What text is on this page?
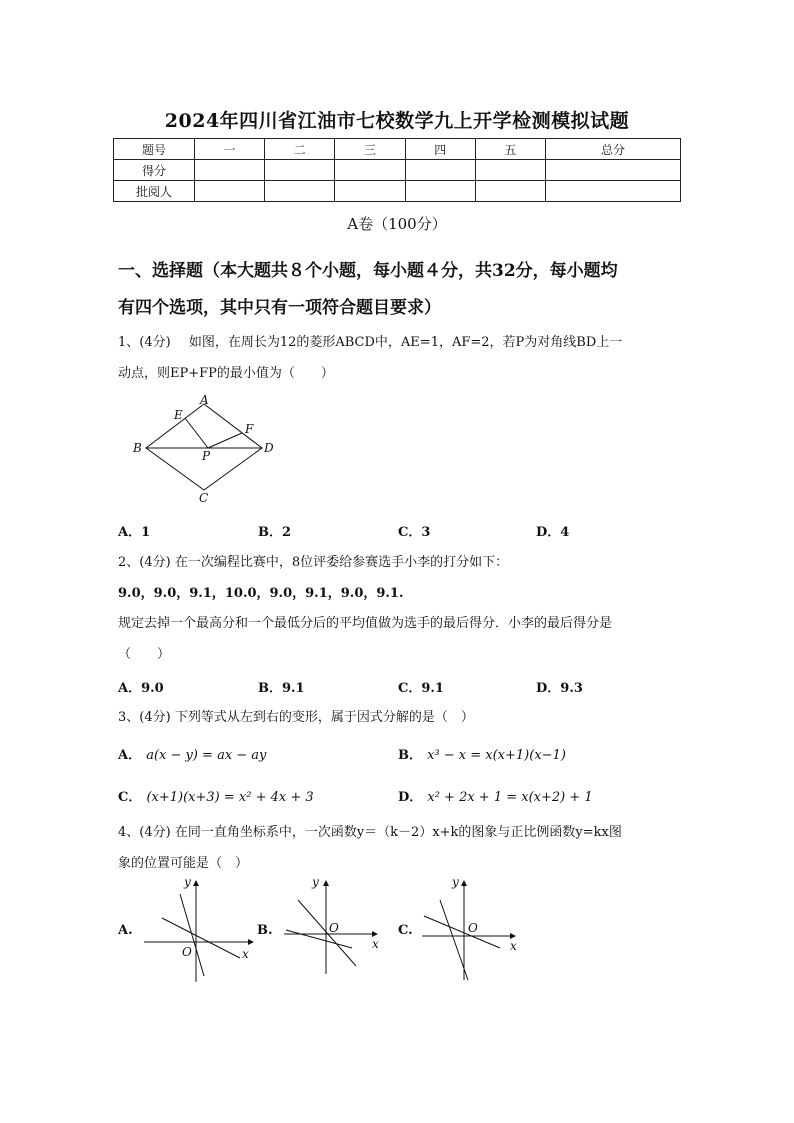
2024年四川省江油市七校数学九上开学检测模拟试题
题号	一	二	三	四	五	总分
得分						
批阅人						
A卷（100分）
一、选择题（本大题共８个小题，每小题４分，共32分，每小题均
有四个选项，其中只有一项符合题目要求）
1、(4分) 如图，在周长为12的菱形ABCD中，AE=1，AF=2，若P为对角线BD上一
动点，则EP+FP的最小值为（　　）
A
E
F
B
P
D
C
A．1	B．2	C．3	D．4
2、(4分) 在一次编程比赛中，8位评委给参赛选手小李的打分如下：
9.0，9.0，9.1，10.0，9.0，9.1，9.0，9.1.
规定去掉一个最高分和一个最低分后的平均值做为选手的最后得分．小李的最后得分是
（　　）
A．9.0	B．9.1	C．9.1	D．9.3
3、(4分) 下列等式从左到右的变形，属于因式分解的是（　）
A． a(x − y) = ax − ay	B． x³ − x = x(x+1)(x−1)
C． (x+1)(x+3) = x² + 4x + 3	D． x² + 2x + 1 = x(x+2) + 1
4、(4分) 在同一直角坐标系中，一次函数y＝（k－2）x+k的图象与正比例函数y=kx图
象的位置可能是（　）
A.
x
y
O
B.
x
y
O	C.
x
y
O
